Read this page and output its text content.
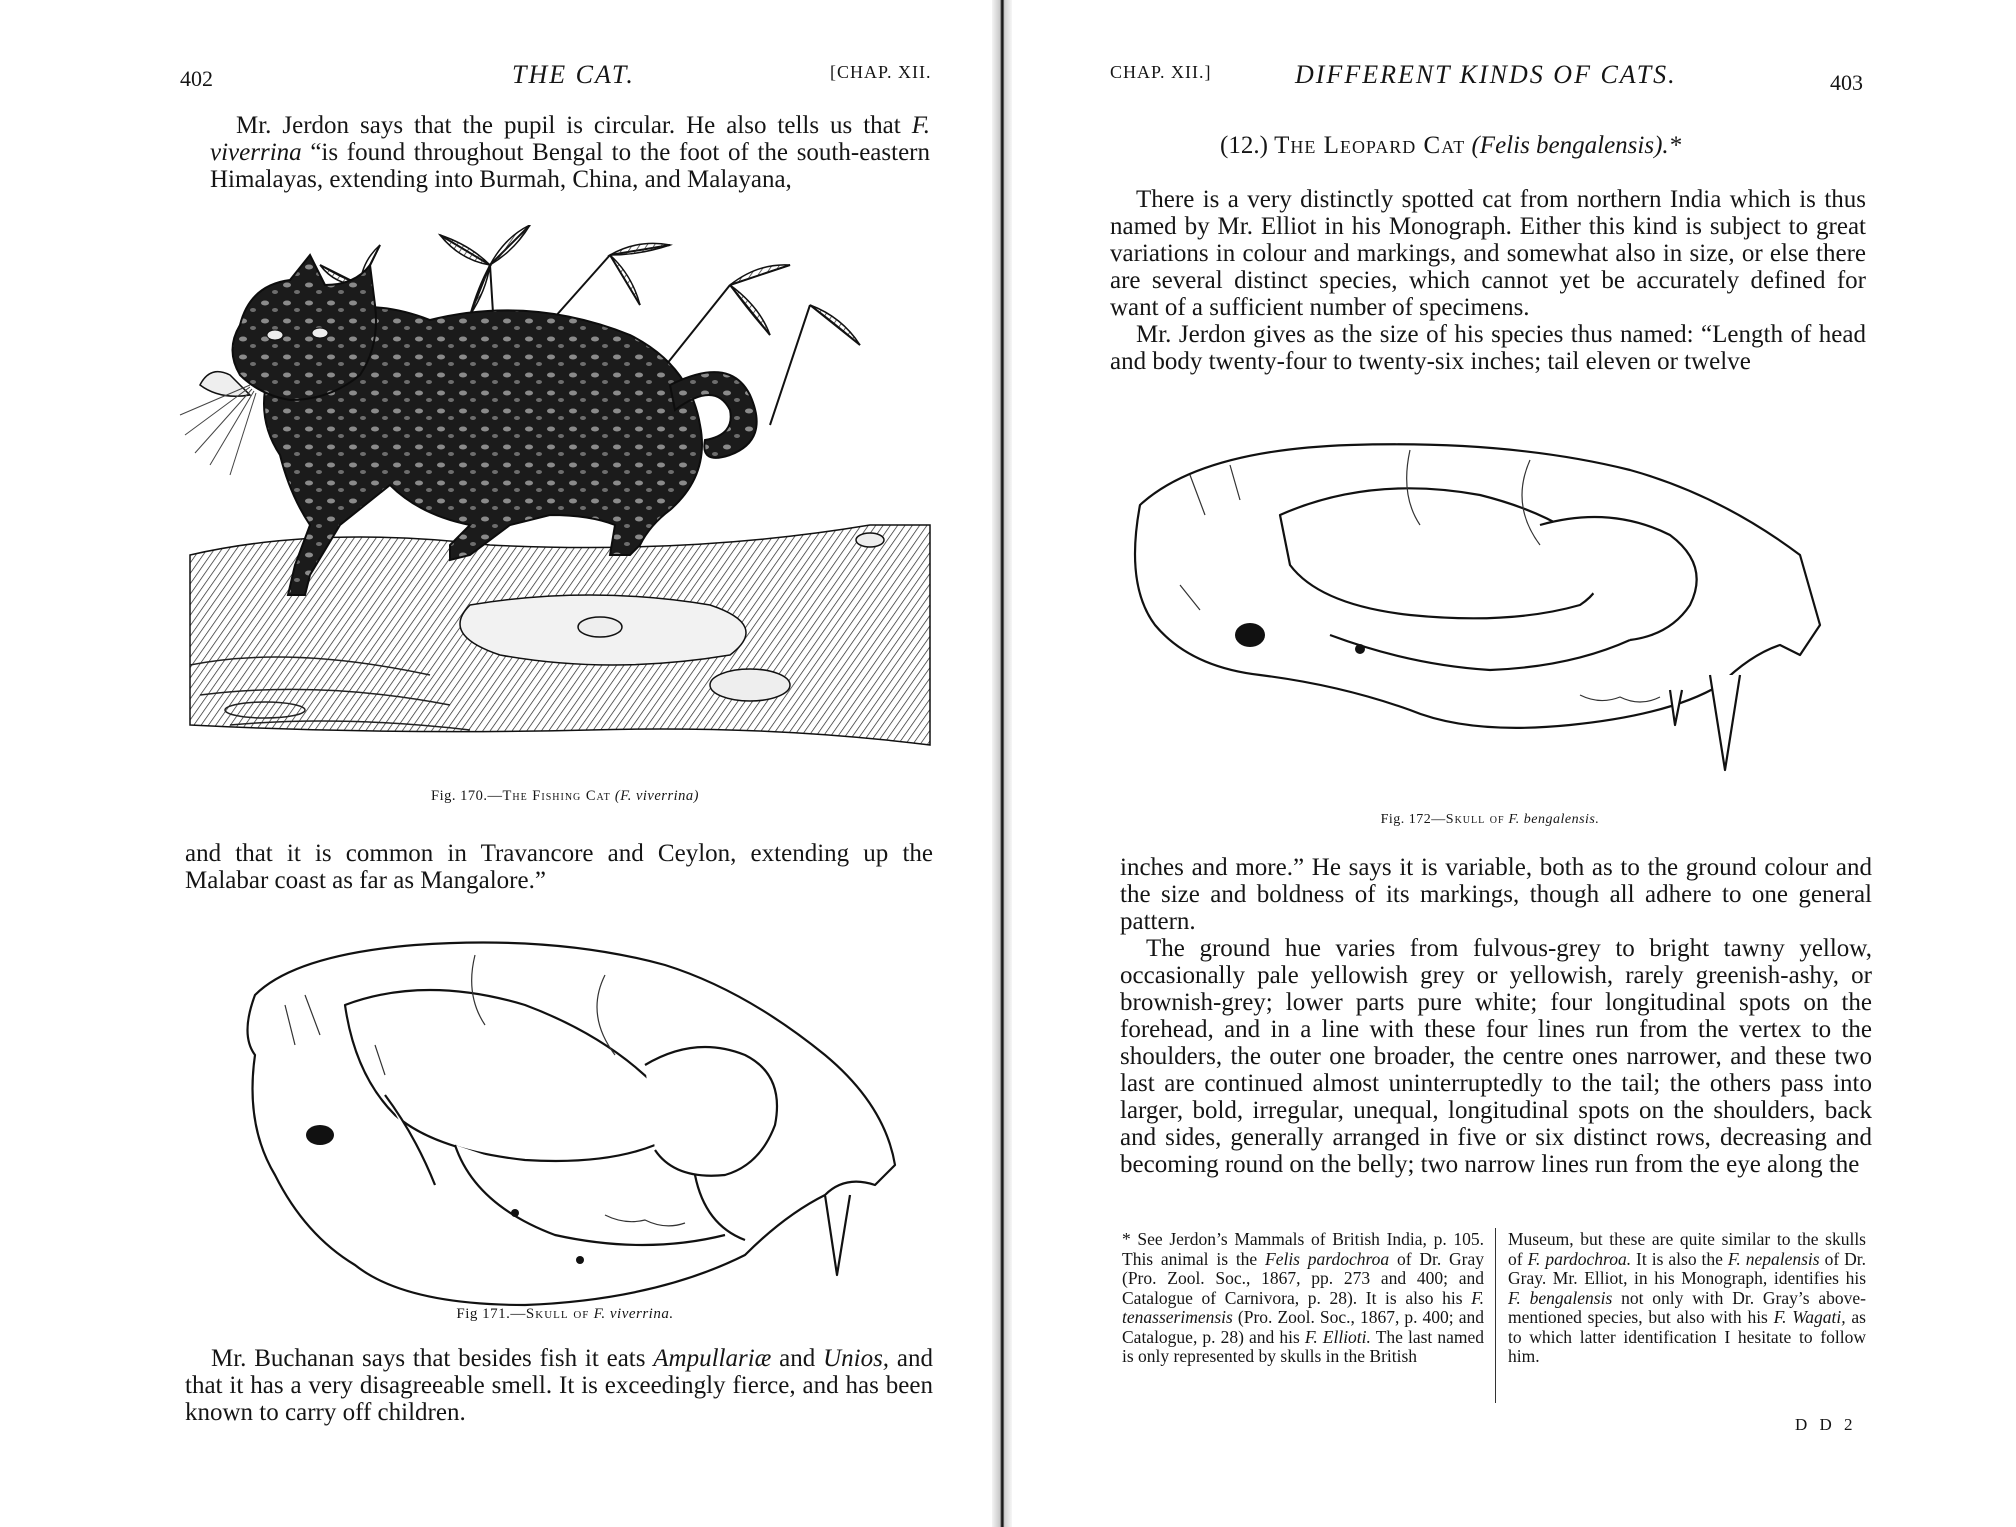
402	THE CAT.	[CHAP. XII.

Mr. Jerdon says that the pupil is circular. He also tells us that F. viverrina “is found throughout Bengal to the foot of the south-eastern Himalayas, extending into Burmah, China, and Malayana,

Fig. 170.—The Fishing Cat (F. viverrina)

and that it is common in Travancore and Ceylon, extending up the Malabar coast as far as Mangalore.”

Fig 171.—Skull of F. viverrina.

Mr. Buchanan says that besides fish it eats Ampullariæ and Unios, and that it has a very disagreeable smell. It is exceedingly fierce, and has been known to carry off children.

CHAP. XII.]	DIFFERENT KINDS OF CATS.	403
(12.) The Leopard Cat (Felis bengalensis).*

There is a very distinctly spotted cat from northern India which is thus named by Mr. Elliot in his Monograph. Either this kind is subject to great variations in colour and markings, and somewhat also in size, or else there are several distinct species, which cannot yet be accurately defined for want of a sufficient number of specimens.

Mr. Jerdon gives as the size of his species thus named: “Length of head and body twenty-four to twenty-six inches; tail eleven or twelve

Fig. 172—Skull of F. bengalensis.

inches and more.” He says it is variable, both as to the ground colour and the size and boldness of its markings, though all adhere to one general pattern.

The ground hue varies from fulvous-grey to bright tawny yellow, occasionally pale yellowish grey or yellowish, rarely greenish-ashy, or brownish-grey; lower parts pure white; four longitudinal spots on the forehead, and in a line with these four lines run from the vertex to the shoulders, the outer one broader, the centre ones narrower, and these two last are continued almost uninterruptedly to the tail; the others pass into larger, bold, irregular, unequal, longitudinal spots on the shoulders, back and sides, generally arranged in five or six distinct rows, decreasing and becoming round on the belly; two narrow lines run from the eye along the

* See Jerdon’s Mammals of British India, p. 105. This animal is the Felis pardochroa of Dr. Gray (Pro. Zool. Soc., 1867, pp. 273 and 400; and Catalogue of Carnivora, p. 28). It is also his F. tenasserimensis (Pro. Zool. Soc., 1867, p. 400; and Catalogue, p. 28) and his F. Ellioti. The last named is only represented by skulls in the British

Museum, but these are quite similar to the skulls of F. pardochroa. It is also the F. nepalensis of Dr. Gray. Mr. Elliot, in his Monograph, identifies his F. bengalensis not only with Dr. Gray’s above-mentioned species, but also with his F. Wagati, as to which latter identification I hesitate to follow him.

D D 2
